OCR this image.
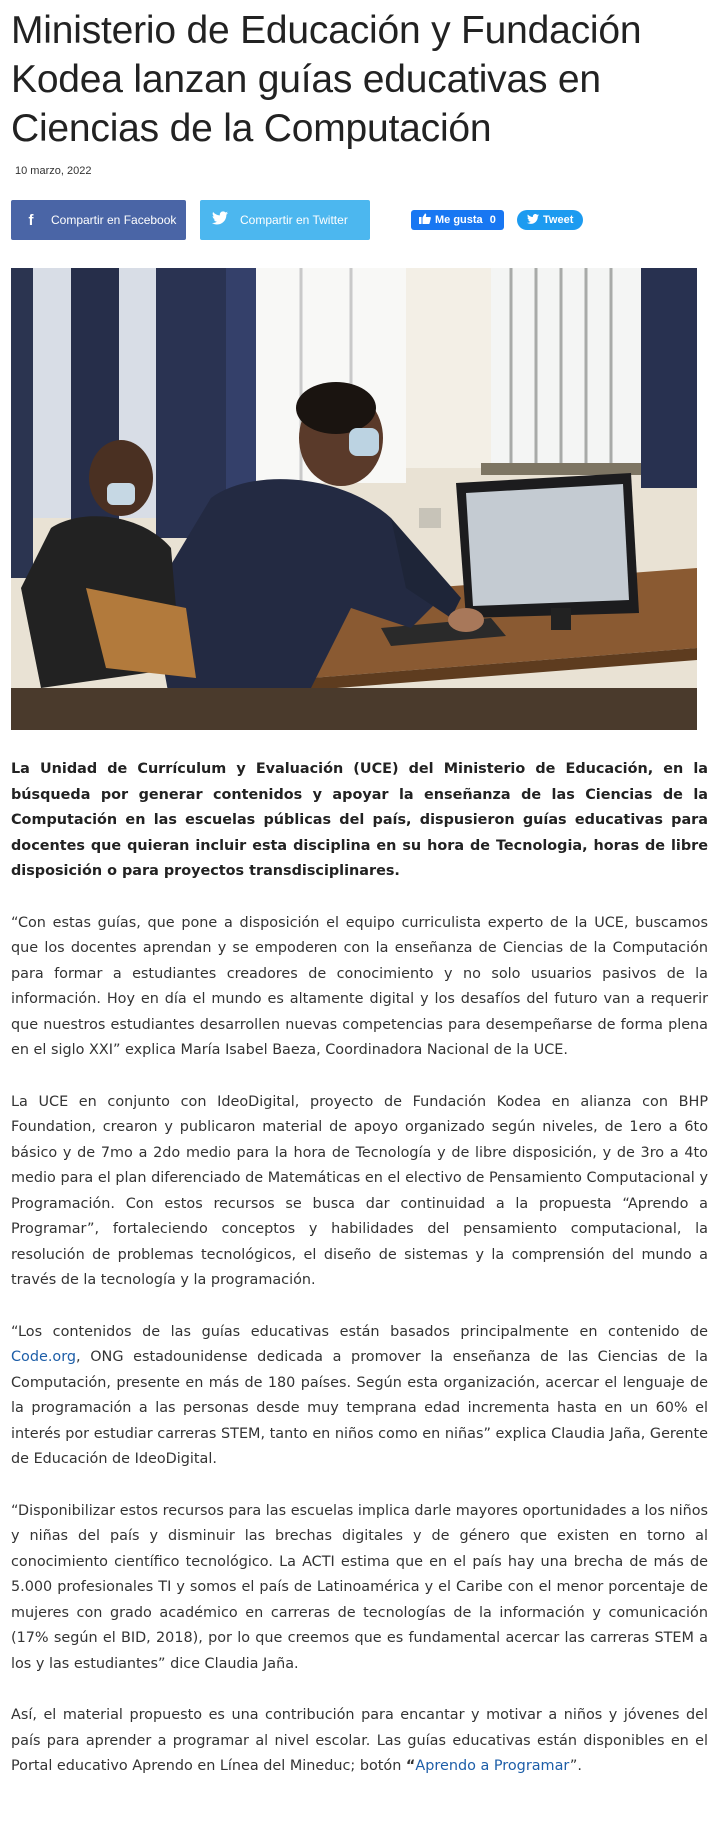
Ministerio de Educación y Fundación Kodea lanzan guías educativas en Ciencias de la Computación
10 marzo, 2022
f	Compartir en Facebook	Compartir en Twitter	Me gusta 0	Tweet

La Unidad de Currículum y Evaluación (UCE) del Ministerio de Educación, en la búsqueda por generar contenidos y apoyar la enseñanza de las Ciencias de la Computación en las escuelas públicas del país, dispusieron guías educativas para docentes que quieran incluir esta disciplina en su hora de Tecnologia, horas de libre disposición o para proyectos transdisciplinares.

“Con estas guías, que pone a disposición el equipo curriculista experto de la UCE, buscamos que los docentes aprendan y se empoderen con la enseñanza de Ciencias de la Computación para formar a estudiantes creadores de conocimiento y no solo usuarios pasivos de la información. Hoy en día el mundo es altamente digital y los desafíos del futuro van a requerir que nuestros estudiantes desarrollen nuevas competencias para desempeñarse de forma plena en el siglo XXI” explica María Isabel Baeza, Coordinadora Nacional de la UCE.

La UCE en conjunto con IdeoDigital, proyecto de Fundación Kodea en alianza con BHP Foundation, crearon y publicaron material de apoyo organizado según niveles, de 1ero a 6to básico y de 7mo a 2do medio para la hora de Tecnología y de libre disposición, y de 3ro a 4to medio para el plan diferenciado de Matemáticas en el electivo de Pensamiento Computacional y Programación. Con estos recursos se busca dar continuidad a la propuesta “Aprendo a Programar”, fortaleciendo conceptos y habilidades del pensamiento computacional, la resolución de problemas tecnológicos, el diseño de sistemas y la comprensión del mundo a través de la tecnología y la programación.

“Los contenidos de las guías educativas están basados principalmente en contenido de Code.org, ONG estadounidense dedicada a promover la enseñanza de las Ciencias de la Computación, presente en más de 180 países. Según esta organización, acercar el lenguaje de la programación a las personas desde muy temprana edad incrementa hasta en un 60% el interés por estudiar carreras STEM, tanto en niños como en niñas” explica Claudia Jaña, Gerente de Educación de IdeoDigital.

“Disponibilizar estos recursos para las escuelas implica darle mayores oportunidades a los niños y niñas del país y disminuir las brechas digitales y de género que existen en torno al conocimiento científico tecnológico. La ACTI estima que en el país hay una brecha de más de 5.000 profesionales TI y somos el país de Latinoamérica y el Caribe con el menor porcentaje de mujeres con grado académico en carreras de tecnologías de la información y comunicación (17% según el BID, 2018), por lo que creemos que es fundamental acercar las carreras STEM a los y las estudiantes” dice Claudia Jaña.

Así, el material propuesto es una contribución para encantar y motivar a niños y jóvenes del país para aprender a programar al nivel escolar. Las guías educativas están disponibles en el Portal educativo Aprendo en Línea del Mineduc; botón “Aprendo a Programar”.
